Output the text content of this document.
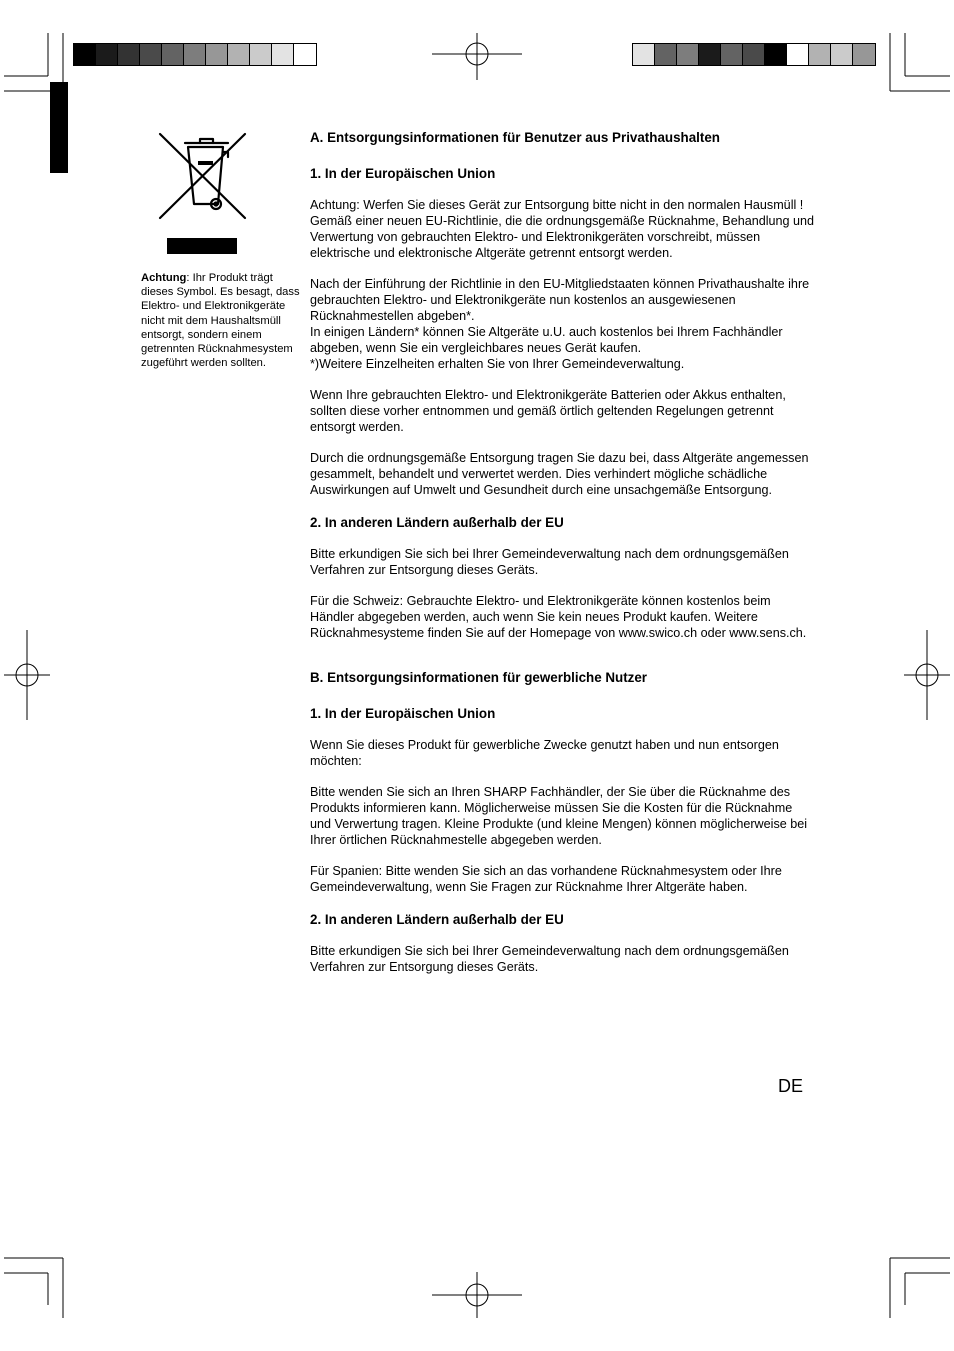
Achtung: Ihr Produkt trägt dieses Symbol. Es besagt, dass Elektro- und Elektronikgeräte nicht mit dem Haushaltsmüll entsorgt, sondern einem getrennten Rücknahmesystem zugeführt werden sollten.
A. Entsorgungsinformationen für Benutzer aus Privathaushalten
1. In der Europäischen Union

Achtung: Werfen Sie dieses Gerät zur Entsorgung bitte nicht in den normalen Hausmüll !

Gemäß einer neuen EU-Richtlinie, die die ordnungsgemäße Rücknahme, Behandlung und Verwertung von gebrauchten Elektro- und Elektronikgeräten vorschreibt, müssen elektrische und elektronische Altgeräte getrennt entsorgt werden.

Nach der Einführung der Richtlinie in den EU-Mitgliedstaaten können Privathaushalte ihre gebrauchten Elektro- und Elektronikgeräte nun kostenlos an ausgewiesenen Rücknahmestellen abgeben*.

In einigen Ländern* können Sie Altgeräte u.U. auch kostenlos bei Ihrem Fachhändler abgeben, wenn Sie ein vergleichbares neues Gerät kaufen.

*)Weitere Einzelheiten erhalten Sie von Ihrer Gemeindeverwaltung.

Wenn Ihre gebrauchten Elektro- und Elektronikgeräte Batterien oder Akkus enthalten, sollten diese vorher entnommen und gemäß örtlich geltenden Regelungen getrennt entsorgt werden.

Durch die ordnungsgemäße Entsorgung tragen Sie dazu bei, dass Altgeräte angemessen gesammelt, behandelt und verwertet werden. Dies verhindert mögliche schädliche Auswirkungen auf Umwelt und Gesundheit durch eine unsachgemäße Entsorgung.

2. In anderen Ländern außerhalb der EU

Bitte erkundigen Sie sich bei Ihrer Gemeindeverwaltung nach dem ordnungsgemäßen Verfahren zur Entsorgung dieses Geräts.

Für die Schweiz: Gebrauchte Elektro- und Elektronikgeräte können kostenlos beim Händler abgegeben werden, auch wenn Sie kein neues Produkt kaufen. Weitere Rücknahmesysteme finden Sie auf der Homepage von www.swico.ch oder www.sens.ch.

B. Entsorgungsinformationen für gewerbliche Nutzer
1. In der Europäischen Union

Wenn Sie dieses Produkt für gewerbliche Zwecke genutzt haben und nun entsorgen möchten:

Bitte wenden Sie sich an Ihren SHARP Fachhändler, der Sie über die Rücknahme des Produkts informieren kann. Möglicherweise müssen Sie die Kosten für die Rücknahme und Verwertung tragen. Kleine Produkte (und kleine Mengen) können möglicherweise bei Ihrer örtlichen Rücknahmestelle abgegeben werden.

Für Spanien: Bitte wenden Sie sich an das vorhandene Rücknahmesystem oder Ihre Gemeindeverwaltung, wenn Sie Fragen zur Rücknahme Ihrer Altgeräte haben.

2. In anderen Ländern außerhalb der EU

Bitte erkundigen Sie sich bei Ihrer Gemeindeverwaltung nach dem ordnungsgemäßen Verfahren zur Entsorgung dieses Geräts.

DE
